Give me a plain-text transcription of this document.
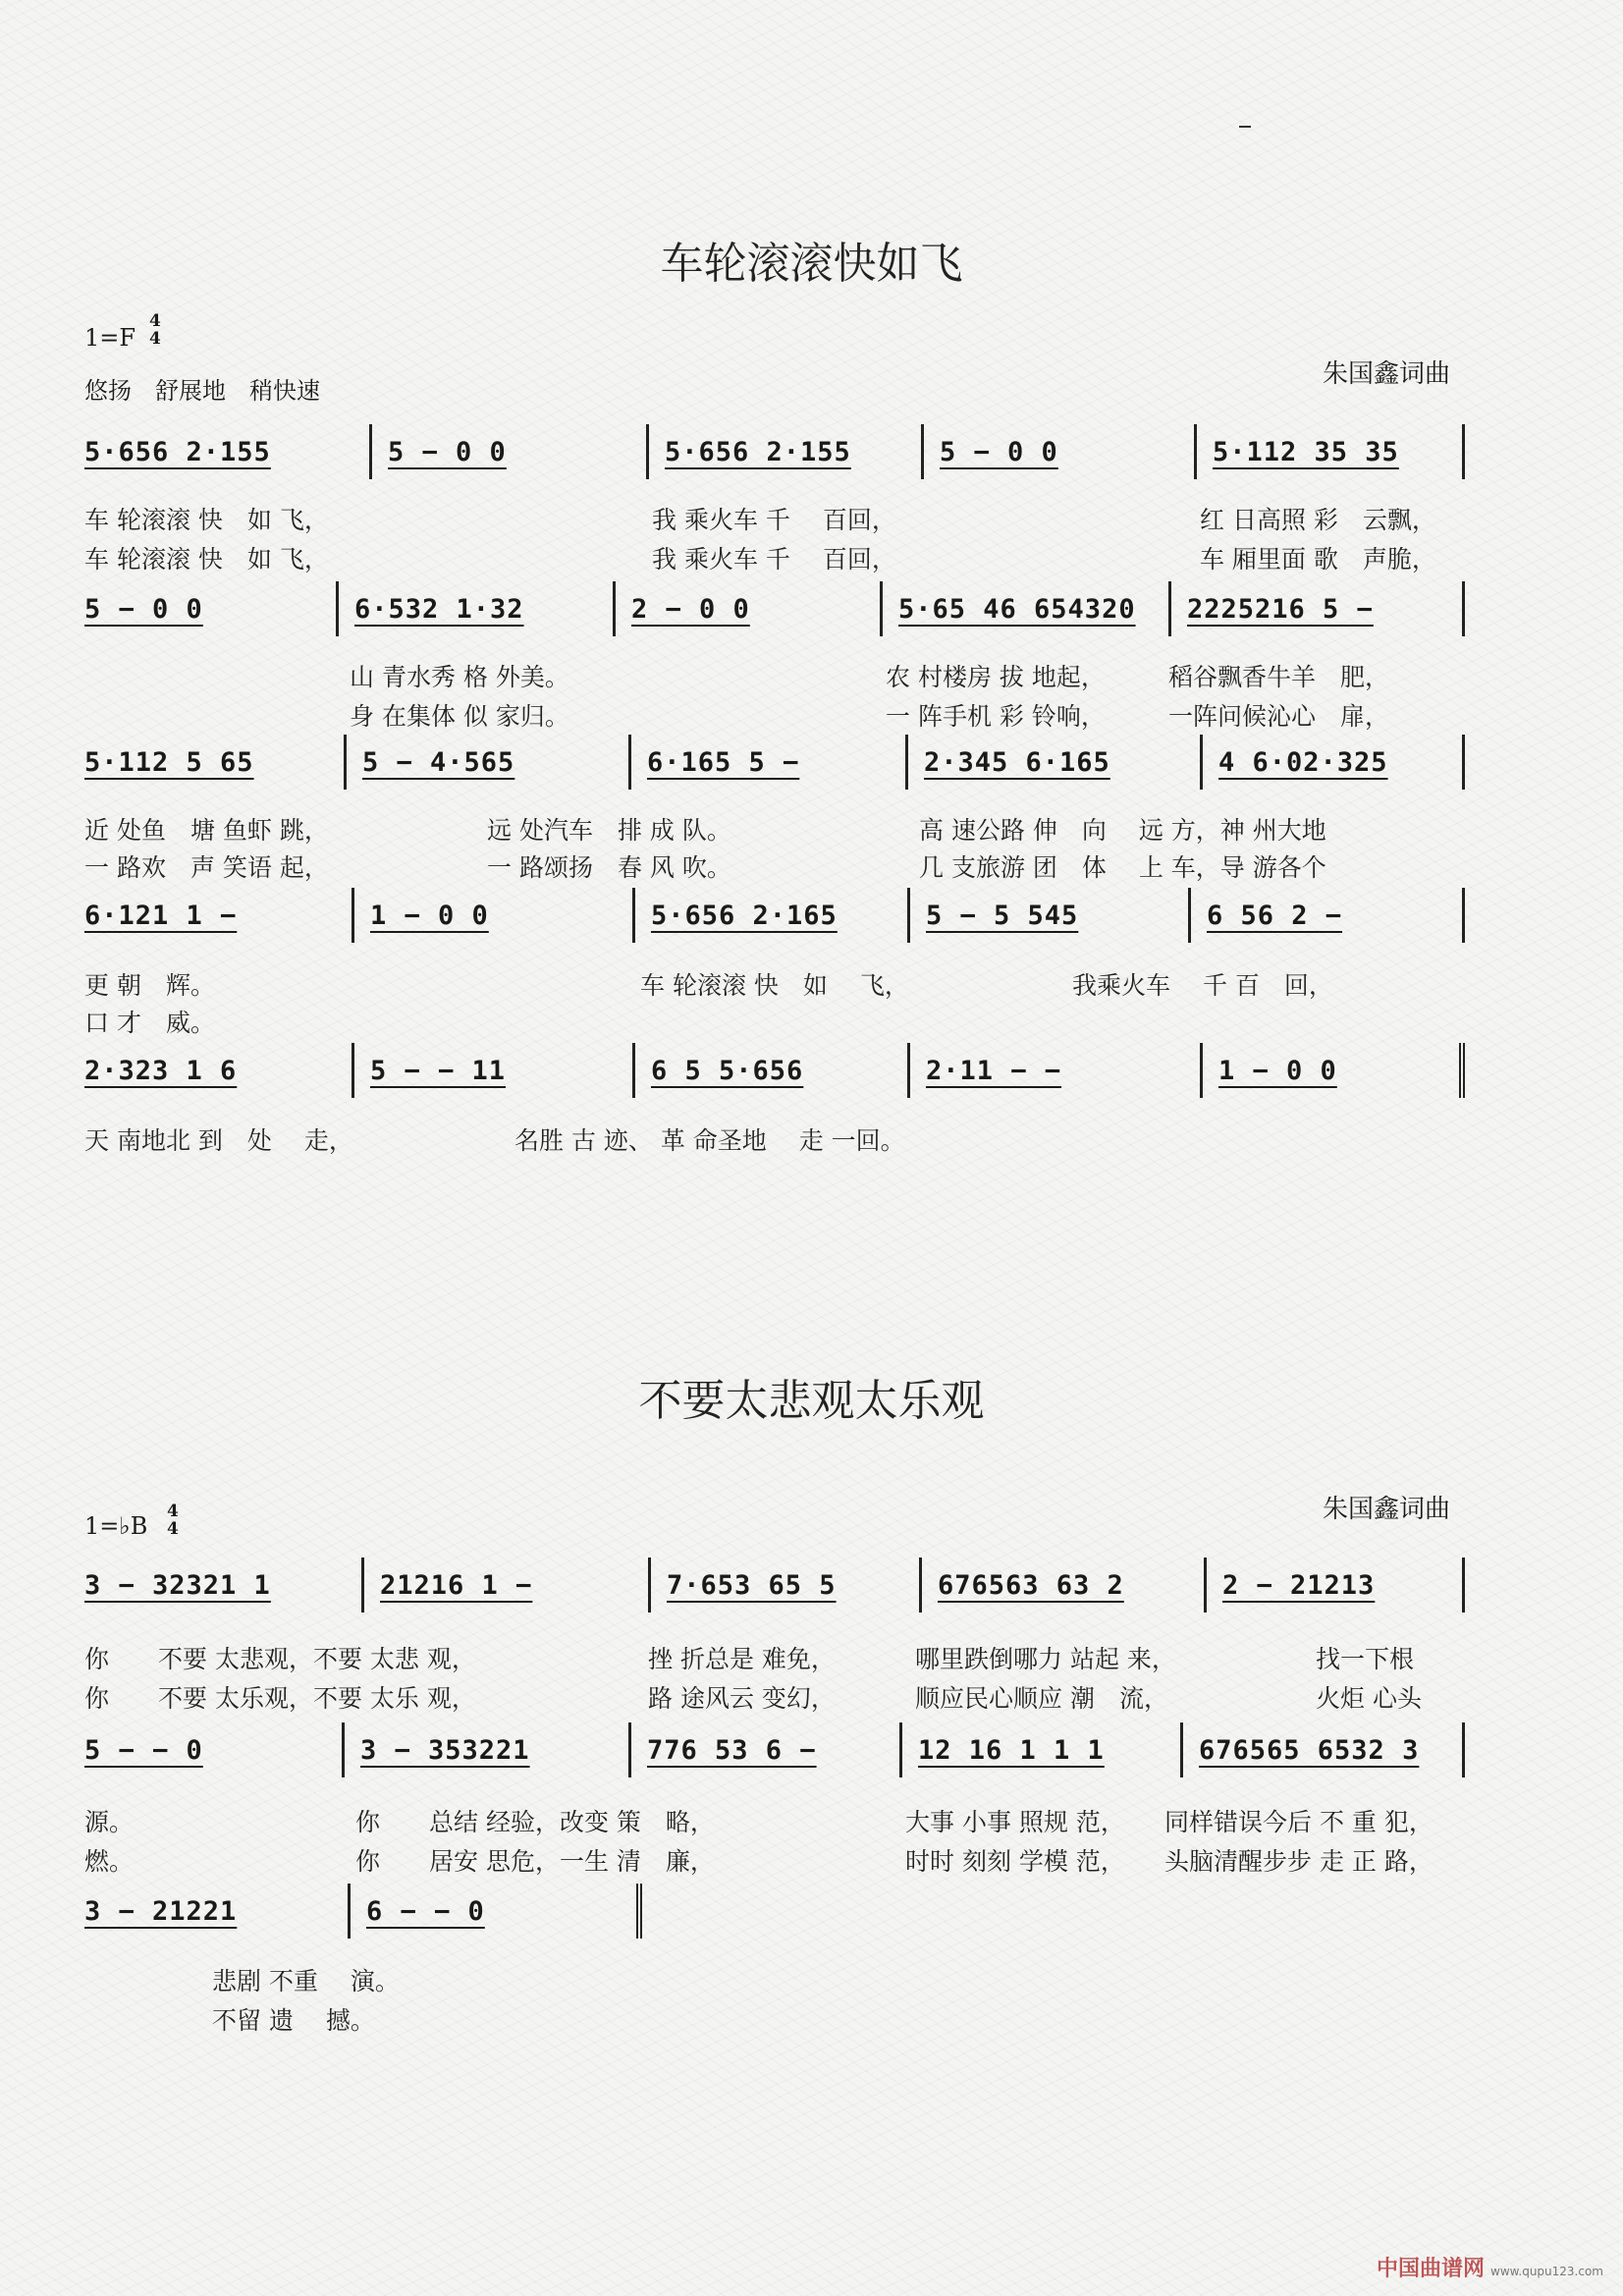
车轮滚滚快如飞
1=F
4
4
悠扬　舒展地　稍快速
朱国鑫词曲
5·656 2·155	5 − 0 0	5·656 2·155	5 − 0 0	5·112 35 35

车 轮滚滚 快　如 飞，

	我 乘火车 千　 百回，

	红 日高照 彩　云飘，

车 轮滚滚 快　如 飞，

	我 乘火车 千　 百回，

	车 厢里面 歌　声脆，

5 − 0 0	6·532 1·32	2 − 0 0	5·65 46 654320 2225216 5 −

山 青水秀 格 外美。

	农 村楼房 拔 地起，

	稻谷飘香牛羊　肥，

身 在集体 似 家归。

	一 阵手机 彩 铃响，

	一阵问候沁心　扉，

5·112 5 65	5 − 4·565	6·165 5 −	2·345 6·165	4 6·02·325

近 处鱼　塘 鱼虾 跳，

	远 处汽车　排 成 队。

	高 速公路 伸　向　 远 方，神 州大地

一 路欢　声 笑语 起，

	一 路颂扬　春 风 吹。

	几 支旅游 团　体　 上 车，导 游各个

6·121 1 −	1 − 0 0	5·656 2·165	5 − 5 545	6 56 2 −

更 朝　辉。

	车 轮滚滚 快　如　 飞，

	我乘火车　 千 百　回，

口 才　威。

2·323 1 6	5 − − 11	6 5 5·656	2·11 − −	1 − 0 0

天 南地北 到　处　 走，

	名胜 古 迹、 革 命圣地　 走 一回。

不要太悲观太乐观
1=♭B
4
4
朱国鑫词曲
3 − 32321 1	21216 1 −	7·653 65 5	676563 63 2	2 − 21213

你　　不要 太悲观，不要 太悲 观，

	挫 折总是 难免，

	哪里跌倒哪力 站起 来，

	找一下根

你　　不要 太乐观，不要 太乐 观，

	路 途风云 变幻，

	顺应民心顺应 潮　流，

	火炬 心头

5 − − 0	3 − 353221	776 53 6 −	12 16 1 1 1	676565 6532 3

源。

	你　　总结 经验，改变 策　略，

	大事 小事 照规 范，

同样错误今后 不 重 犯，

燃。

	你　　居安 思危，一生 清　廉，

	时时 刻刻 学模 范，

头脑清醒步步 走 正 路，

3 − 21221	6 − − 0

悲剧 不重　 演。

不留 遗　 撼。

中国曲谱网 www.qupu123.com
